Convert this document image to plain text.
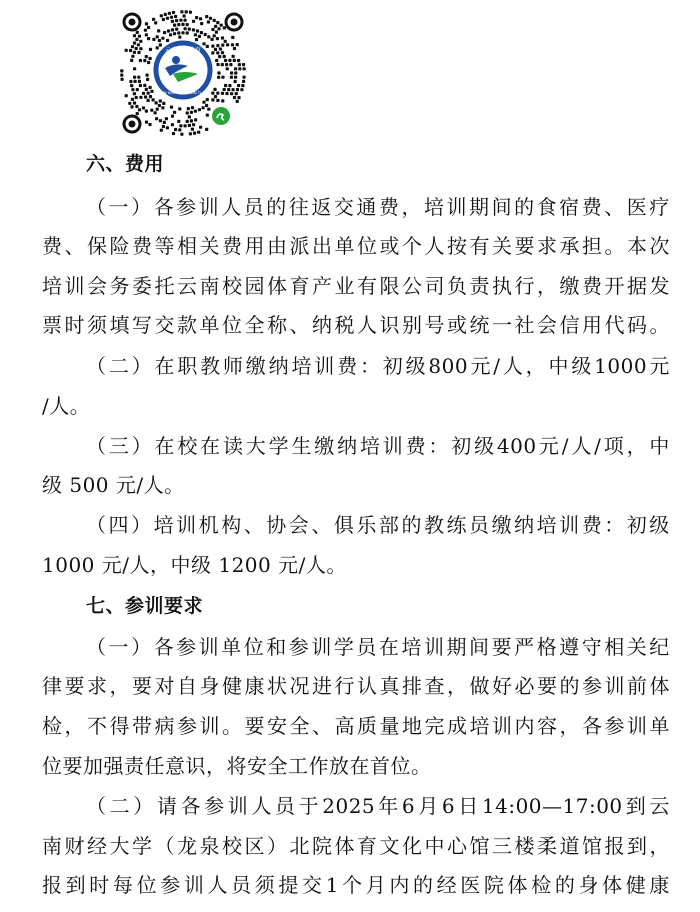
云南校园体育
YUN NAN XIAO YUAN TI YU
六、费用
（ 一 ） 各 参 训 人 员 的 往 返 交 通 费 ， 培 训 期 间 的 食 宿 费 、 医 疗
费 、 保 险 费 等 相 关 费 用 由 派 出 单 位 或 个 人 按 有 关 要 求 承 担 。 本 次
培 训 会 务 委 托 云 南 校 园 体 育 产 业 有 限 公 司 负 责 执 行 ， 缴 费 开 据 发
票 时 须 填 写 交 款 单 位 全 称 、 纳 税 人 识 别 号 或 统 一 社 会 信 用 代 码 。
（ 二 ） 在 职 教 师 缴 纳 培 训 费 ： 初 级 800 元 / 人 ， 中 级 1000 元
/人。
（ 三 ） 在 校 在 读 大 学 生 缴 纳 培 训 费 ： 初 级 400 元 / 人 / 项 ， 中
级 500 元/人。
（ 四 ） 培 训 机 构 、 协 会 、 俱 乐 部 的 教 练 员 缴 纳 培 训 费 ： 初 级
1000 元/人，中级 1200 元/人。
七、参训要求
（ 一 ） 各 参 训 单 位 和 参 训 学 员 在 培 训 期 间 要 严 格 遵 守 相 关 纪
律 要 求 ， 要 对 自 身 健 康 状 况 进 行 认 真 排 查 ， 做 好 必 要 的 参 训 前 体
检 ， 不 得 带 病 参 训 。 要 安 全 、 高 质 量 地 完 成 培 训 内 容 ， 各 参 训 单
位要加强责任意识，将安全工作放在首位。
（ 二 ） 请 各 参 训 人 员 于 2025 年 6 月 6 日 14:00—17:00 到 云
南 财 经 大 学 （ 龙 泉 校 区 ） 北 院 体 育 文 化 中 心 馆 三 楼 柔 道 馆 报 到 ，
报 到 时 每 位 参 训 人 员 须 提 交 1 个 月 内 的 经 医 院 体 检 的 身 体 健 康
